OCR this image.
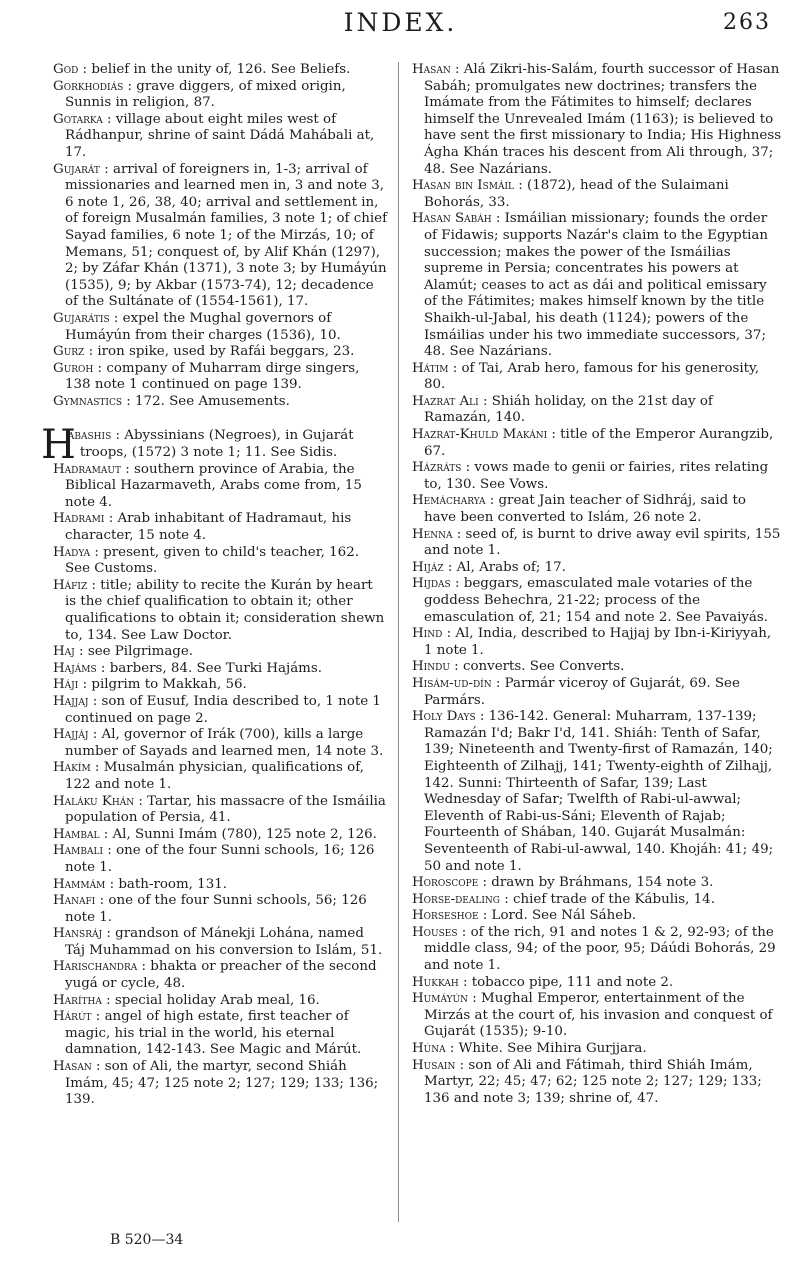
INDEX.	263

God : belief in the unity of, 126. See Beliefs.

Gorkhodiás : grave diggers, of mixed origin, Sunnis in religion, 87.

Gotarka : village about eight miles west of Rádhanpur, shrine of saint Dádá Mahábali at, 17.

Gujarát : arrival of foreigners in, 1-3; arrival of missionaries and learned men in, 3 and note 3, 6 note 1, 26, 38, 40; arrival and settlement in, of foreign Musalmán families, 3 note 1; of chief Sayad families, 6 note 1; of the Mirzás, 10; of Memans, 51; conquest of, by Alif Khán (1297), 2; by Záfar Khán (1371), 3 note 3; by Humáyún (1535), 9; by Akbar (1573-74), 12; decadence of the Sultánate of (1554-1561), 17.

Gujarátis : expel the Mughal governors of Humáyún from their charges (1536), 10.

Gurz : iron spike, used by Rafái beggars, 23.

Guroh : company of Muharram dirge singers, 138 note 1 continued on page 139.

Gymnastics : 172. See Amusements.

H
abashis : Abyssinians (Negroes), in Gujarát troops, (1572) 3 note 1; 11. See Sidis.

Hadramaut : southern province of Arabia, the Biblical Hazarmaveth, Arabs come from, 15 note 4.

Hadrami : Arab inhabitant of Hadramaut, his character, 15 note 4.

Hadya : present, given to child's teacher, 162. See Customs.

Háfiz : title; ability to recite the Kurán by heart is the chief qualification to obtain it; other qualifications to obtain it; consideration shewn to, 134. See Law Doctor.

Haj : see Pilgrimage.

Hajáms : barbers, 84. See Turki Hajáms.

Háji : pilgrim to Makkah, 56.

Hajjaj : son of Eusuf, India described to, 1 note 1 continued on page 2.

Hajjáj : Al, governor of Irák (700), kills a large number of Sayads and learned men, 14 note 3.

Hakím : Musalmán physician, qualifications of, 122 and note 1.

Haláku Khán : Tartar, his massacre of the Ismáilia population of Persia, 41.

Hambal : Al, Sunni Imám (780), 125 note 2, 126.

Hambali : one of the four Sunni schools, 16; 126 note 1.

Hammám : bath-room, 131.

Hanafi : one of the four Sunni schools, 56; 126 note 1.

Hansráj : grandson of Mánekji Lohána, named Táj Muhammad on his conversion to Islám, 51.

Harischandra : bhakta or preacher of the second yugá or cycle, 48.

Harítha : special holiday Arab meal, 16.

Hárút : angel of high estate, first teacher of magic, his trial in the world, his eternal damnation, 142-143. See Magic and Márút.

Hasan : son of Ali, the martyr, second Shiáh Imám, 45; 47; 125 note 2; 127; 129; 133; 136; 139.

Hasan : Alá Zikri-his-Salám, fourth successor of Hasan Sabáh; promulgates new doctrines; transfers the Imámate from the Fátimites to himself; declares himself the Unrevealed Imám (1163); is believed to have sent the first missionary to India; His Highness Ágha Khán traces his descent from Ali through, 37; 48. See Nazárians.

Hasan bin Ismáil : (1872), head of the Sulaimani Bohorás, 33.

Hasan Sabáh : Ismáilian missionary; founds the order of Fidawis; supports Nazár's claim to the Egyptian succession; makes the power of the Ismáilias supreme in Persia; concentrates his powers at Alamút; ceases to act as dái and political emissary of the Fátimites; makes himself known by the title Shaikh-ul-Jabal, his death (1124); powers of the Ismáilias under his two immediate successors, 37; 48. See Nazárians.

Hátim : of Tai, Arab hero, famous for his generosity, 80.

Hazrat Ali : Shiáh holiday, on the 21st day of Ramazán, 140.

Hazrat-Khuld Makáni : title of the Emperor Aurangzib, 67.

Házráts : vows made to genii or fairies, rites relating to, 130. See Vows.

Hemácharya : great Jain teacher of Sidhráj, said to have been converted to Islám, 26 note 2.

Henna : seed of, is burnt to drive away evil spirits, 155 and note 1.

Hijáz : Al, Arabs of; 17.

Hijdas : beggars, emasculated male votaries of the goddess Behechra, 21-22; process of the emasculation of, 21; 154 and note 2. See Pavaiyás.

Hind : Al, India, described to Hajjaj by Ibn-i-Kiriyyah, 1 note 1.

Hindu : converts. See Converts.

Hisám-ud-dín : Parmár viceroy of Gujarát, 69. See Parmárs.

Holy Days : 136-142. General: Muharram, 137-139; Ramazán I'd; Bakr I'd, 141. Shiáh: Tenth of Safar, 139; Nineteenth and Twenty-first of Ramazán, 140; Eighteenth of Zilhajj, 141; Twenty-eighth of Zilhajj, 142. Sunni: Thirteenth of Safar, 139; Last Wednesday of Safar; Twelfth of Rabi-ul-awwal; Eleventh of Rabi-us-Sáni; Eleventh of Rajab; Fourteenth of Shában, 140. Gujarát Musalmán: Seventeenth of Rabi-ul-awwal, 140. Khojáh: 41; 49; 50 and note 1.

Horoscope : drawn by Bráhmans, 154 note 3.

Horse-dealing : chief trade of the Kábulis, 14.

Horseshoe : Lord. See Nál Sáheb.

Houses : of the rich, 91 and notes 1 & 2, 92-93; of the middle class, 94; of the poor, 95; Dáúdi Bohorás, 29 and note 1.

Hukkah : tobacco pipe, 111 and note 2.

Humáyún : Mughal Emperor, entertainment of the Mirzás at the court of, his invasion and conquest of Gujarát (1535); 9-10.

Húna : White. See Mihira Gurjjara.

Husain : son of Ali and Fátimah, third Shiáh Imám, Martyr, 22; 45; 47; 62; 125 note 2; 127; 129; 133; 136 and note 3; 139; shrine of, 47.

B 520—34
